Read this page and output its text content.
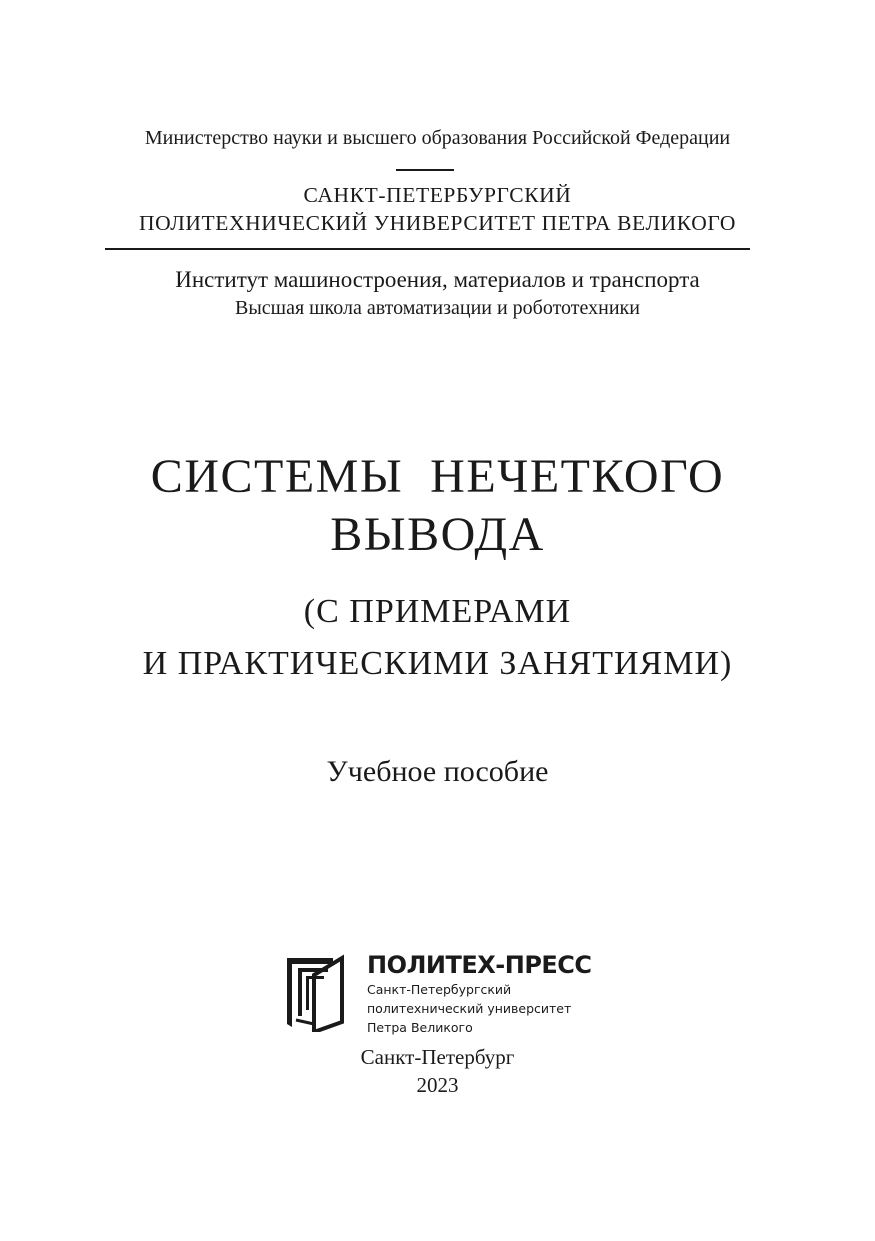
Министерство науки и высшего образования Российской Федерации
САНКТ-ПЕТЕРБУРГСКИЙ
ПОЛИТЕХНИЧЕСКИЙ УНИВЕРСИТЕТ ПЕТРА ВЕЛИКОГО
Институт машиностроения, материалов и транспорта
Высшая школа автоматизации и робототехники
СИСТЕМЫ  НЕЧЕТКОГО
ВЫВОДА
(С ПРИМЕРАМИ
И ПРАКТИЧЕСКИМИ ЗАНЯТИЯМИ)
Учебное пособие
ПОЛИТЕХ-ПРЕСС
Санкт-Петербургский
политехнический университет
Петра Великого
Санкт-Петербург
2023
